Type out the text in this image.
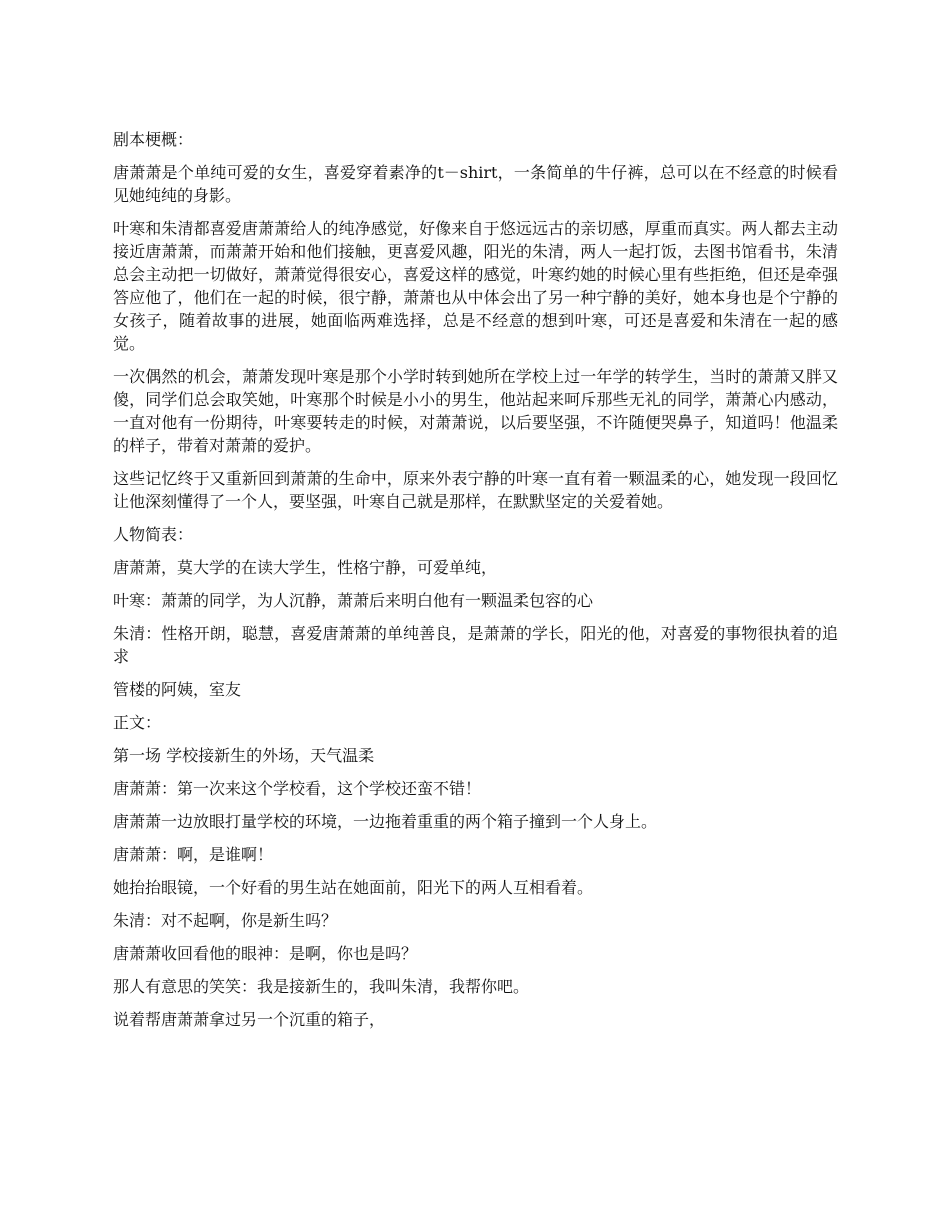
剧本梗概：

唐萧萧是个单纯可爱的女生，喜爱穿着素净的t－shirt，一条简单的牛仔裤，总可以在不经意的时候看见她纯纯的身影。

叶寒和朱清都喜爱唐萧萧给人的纯净感觉，好像来自于悠远远古的亲切感，厚重而真实。两人都去主动接近唐萧萧，而萧萧开始和他们接触，更喜爱风趣，阳光的朱清，两人一起打饭，去图书馆看书，朱清总会主动把一切做好，萧萧觉得很安心，喜爱这样的感觉，叶寒约她的时候心里有些拒绝，但还是牵强答应他了，他们在一起的时候，很宁静，萧萧也从中体会出了另一种宁静的美好，她本身也是个宁静的女孩子，随着故事的进展，她面临两难选择，总是不经意的想到叶寒，可还是喜爱和朱清在一起的感觉。

一次偶然的机会，萧萧发现叶寒是那个小学时转到她所在学校上过一年学的转学生，当时的萧萧又胖又傻，同学们总会取笑她，叶寒那个时候是小小的男生，他站起来呵斥那些无礼的同学，萧萧心内感动，一直对他有一份期待，叶寒要转走的时候，对萧萧说，以后要坚强，不许随便哭鼻子，知道吗！他温柔的样子，带着对萧萧的爱护。

这些记忆终于又重新回到萧萧的生命中，原来外表宁静的叶寒一直有着一颗温柔的心，她发现一段回忆让他深刻懂得了一个人，要坚强，叶寒自己就是那样，在默默坚定的关爱着她。

人物简表：

唐萧萧，莫大学的在读大学生，性格宁静，可爱单纯，

叶寒：萧萧的同学，为人沉静，萧萧后来明白他有一颗温柔包容的心

朱清：性格开朗，聪慧，喜爱唐萧萧的单纯善良，是萧萧的学长，阳光的他，对喜爱的事物很执着的追求

管楼的阿姨，室友

正文：

第一场 学校接新生的外场，天气温柔

唐萧萧：第一次来这个学校看，这个学校还蛮不错！

唐萧萧一边放眼打量学校的环境，一边拖着重重的两个箱子撞到一个人身上。

唐萧萧：啊，是谁啊！

她抬抬眼镜，一个好看的男生站在她面前，阳光下的两人互相看着。

朱清：对不起啊，你是新生吗？

唐萧萧收回看他的眼神：是啊，你也是吗？

那人有意思的笑笑：我是接新生的，我叫朱清，我帮你吧。

说着帮唐萧萧拿过另一个沉重的箱子，
